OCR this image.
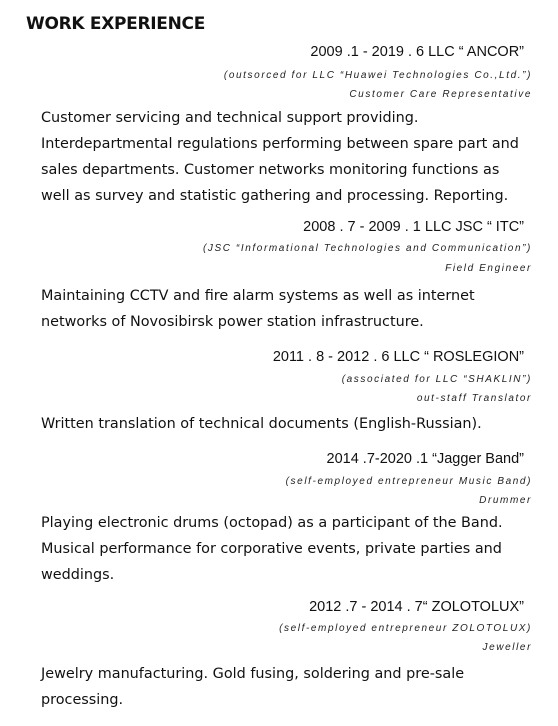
WORK EXPERIENCE
2009 .1 - 2019 . 6 LLC “ ANCOR”
(outsorced for LLC “Huawei Technologies Co.,Ltd.”)
Customer Care Representative
Customer servicing and technical support providing.
Interdepartmental regulations performing between spare part and
sales departments. Customer networks monitoring functions as
well as survey and statistic gathering and processing. Reporting.
2008 . 7 - 2009 . 1 LLC JSC “ ITC”
(JSC “Informational Technologies and Communication”)
Field Engineer
Maintaining CCTV and fire alarm systems as well as internet
networks of Novosibirsk power station infrastructure.
2011 . 8 - 2012 . 6 LLC “ ROSLEGION”
(associated for LLC “SHAKLIN”)
out-staff Translator
Written translation of technical documents (English-Russian).
2014 .7-2020 .1 “Jagger Band”
(self-employed entrepreneur Music Band)
Drummer
Playing electronic drums (octopad) as a participant of the Band.
Musical performance for corporative events, private parties and
weddings.
2012 .7 - 2014 . 7“ ZOLOTOLUX”
(self-employed entrepreneur ZOLOTOLUX)
Jeweller
Jewelry manufacturing. Gold fusing, soldering and pre-sale
processing.
